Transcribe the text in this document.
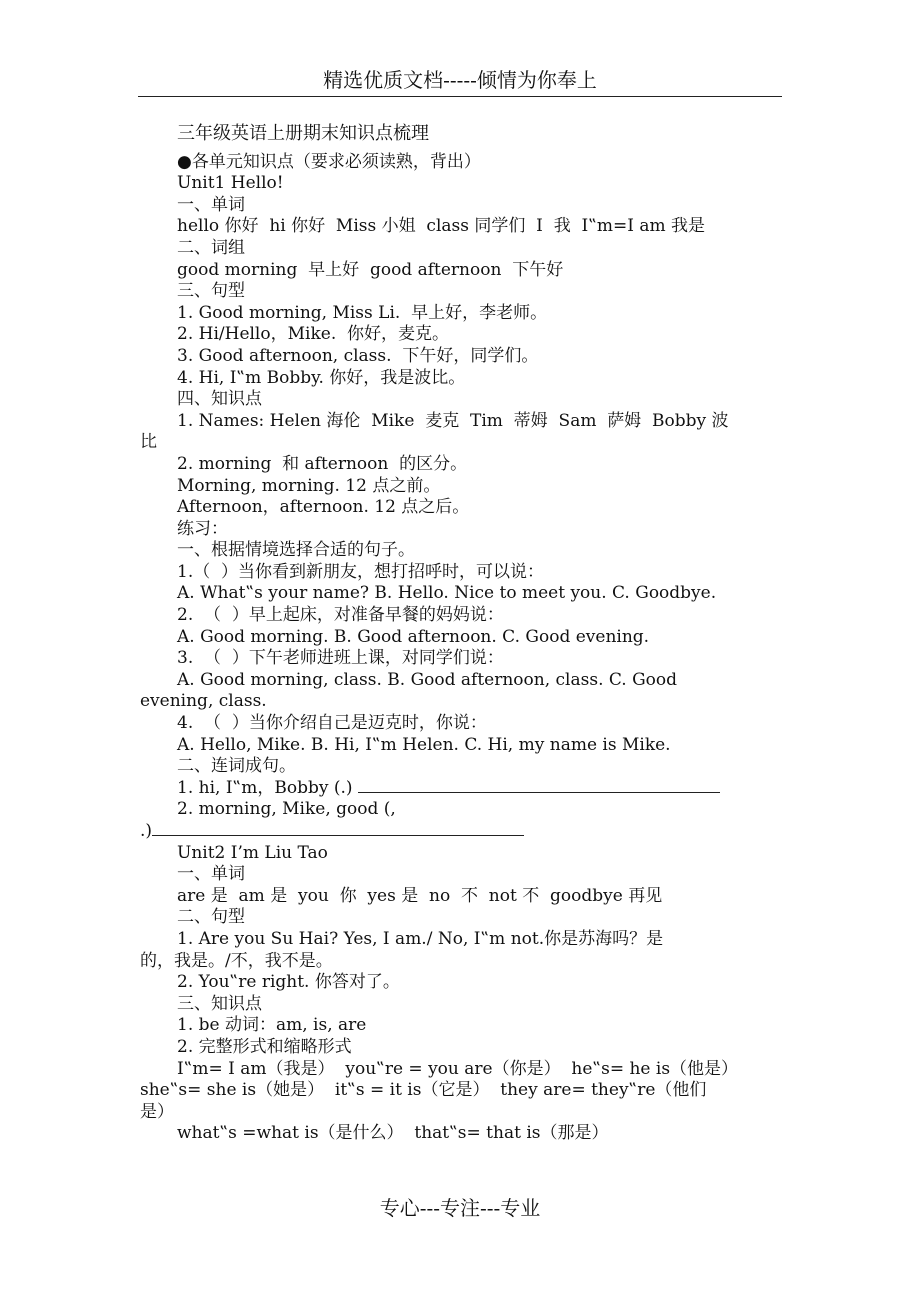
精选优质文档-----倾情为你奉上
三年级英语上册期末知识点梳理
●各单元知识点（要求必须读熟，背出）
Unit1 Hello!
一、单词
hello 你好  hi 你好  Miss 小姐  class 同学们  I  我  I‟m=I am 我是
二、词组
good morning  早上好  good afternoon  下午好
三、句型
1. Good morning, Miss Li.  早上好，李老师。
2. Hi/Hello，Mike.  你好，麦克。
3. Good afternoon, class.  下午好，同学们。
4. Hi, I‟m Bobby. 你好，我是波比。
四、知识点
1. Names: Helen 海伦  Mike  麦克  Tim  蒂姆  Sam  萨姆  Bobby 波
比
2. morning  和 afternoon  的区分。
Morning, morning. 12 点之前。
Afternoon，afternoon. 12 点之后。
练习：
一、根据情境选择合适的句子。
1.（  ）当你看到新朋友，想打招呼时，可以说：
A. What‟s your name? B. Hello. Nice to meet you. C. Goodbye.
2.  （  ）早上起床，对准备早餐的妈妈说：
A. Good morning. B. Good afternoon. C. Good evening.
3.  （  ）下午老师进班上课，对同学们说：
A. Good morning, class. B. Good afternoon, class. C. Good
evening, class.
4.  （  ）当你介绍自己是迈克时，你说：
A. Hello, Mike. B. Hi, I‟m Helen. C. Hi, my name is Mike.
二、连词成句。
1. hi, I‟m，Bobby (.)
2. morning, Mike, good (,
.)
Unit2 I’m Liu Tao
一、单词
are 是  am 是  you  你  yes 是  no  不  not 不  goodbye 再见
二、句型
1. Are you Su Hai? Yes, I am./ No, I‟m not.你是苏海吗？是
的，我是。/不，我不是。
2. You‟re right. 你答对了。
三、知识点
1. be 动词：am, is, are
2. 完整形式和缩略形式
I‟m= I am（我是）  you‟re = you are（你是）  he‟s= he is（他是）
she‟s= she is（她是）  it‟s = it is（它是）  they are= they‟re（他们
是）
what‟s =what is（是什么）  that‟s= that is（那是）
专心---专注---专业
